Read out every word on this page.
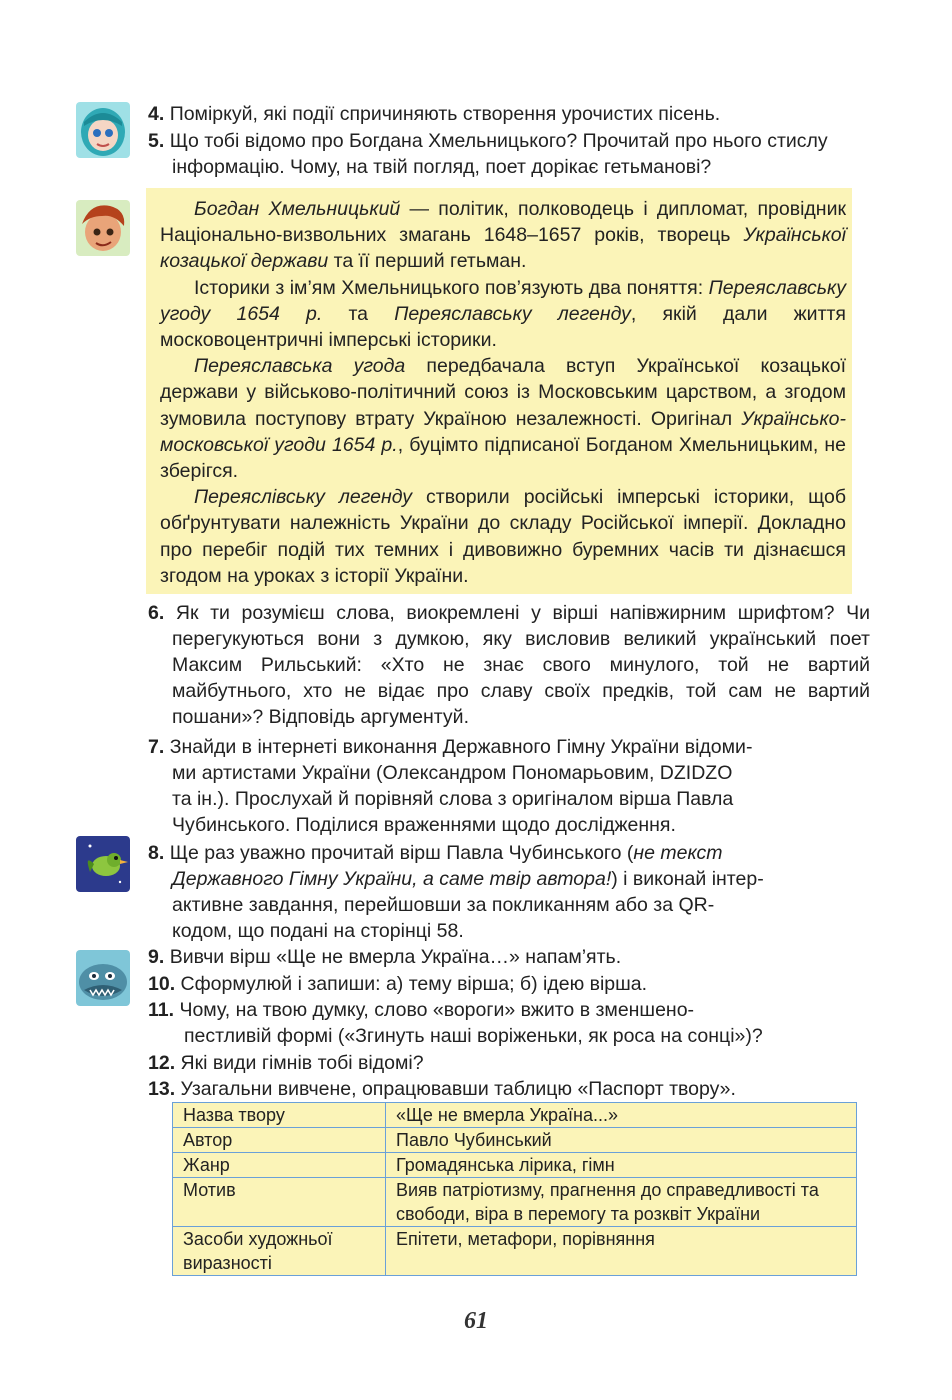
4. Поміркуй, які події спричиняють створення урочистих пісень.
5. Що тобі відомо про Богдана Хмельницького? Прочитай про нього стислу інформацію. Чому, на твій погляд, поет дорікає гетьманові?

Богдан Хмельницький — політик, полководець і дипломат, провідник Національно-визвольних змагань 1648–1657 років, творець Української козацької держави та її перший гетьман.

Історики з ім’ям Хмельницького пов’язують два поняття: Переяславську угоду 1654 р. та Переяславську легенду, якій дали життя московоцентричні імперські історики.

Переяславська угода передбачала вступ Української козацької держави у військово-політичний союз із Московським царством, а згодом зумовила поступову втрату Україною незалежності. Оригінал Українсько-московської угоди 1654 р., буцімто підписаної Богданом Хмельницьким, не зберігся.

Переяслівську легенду створили російські імперські історики, щоб обґрунтувати належність України до складу Російської імперії. Докладно про перебіг подій тих темних і дивовижно буремних часів ти дізнаєшся згодом на уроках з історії України.

6. Як ти розумієш слова, виокремлені у вірші напівжирним шрифтом? Чи перегукуються вони з думкою, яку висловив великий український поет Максим Рильський: «Хто не знає свого минулого, той не вартий майбутнього, хто не відає про славу своїх предків, той сам не вартий пошани»? Відповідь аргументуй.
7. Знайди в інтернеті виконання Державного Гімну України відоми-
ми артистами України (Олександром Пономарьовим, DZIDZO
та ін.). Прослухай й порівняй слова з оригіналом вірша Павла
Чубинського. Поділися враженнями щодо дослідження.
8. Ще раз уважно прочитай вірш Павла Чубинського (не текст
Державного Гімну України, а саме твір автора!) і виконай інтер-
активне завдання, перейшовши за покликанням або за QR-
кодом, що подані на сторінці 58.
9. Вивчи вірш «Ще не вмерла Україна…» напам’ять.
10. Сформулюй і запиши: а) тему вірша; б) ідею вірша.
11. Чому, на твою думку, слово «вороги» вжито в зменшено-
пестливій формі («Згинуть наші воріженьки, як роса на сонці»)?
12. Які види гімнів тобі відомі?
13. Узагальни вивчене, опрацювавши таблицю «Паспорт твору».
Назва твору	«Ще не вмерла Україна...»
Автор	Павло Чубинський
Жанр	Громадянська лірика, гімн
Мотив	Вияв патріотизму, прагнення до справедливості та свободи, віра в перемогу та розквіт України
Засоби художньої виразності	Епітети, метафори, порівняння
61
